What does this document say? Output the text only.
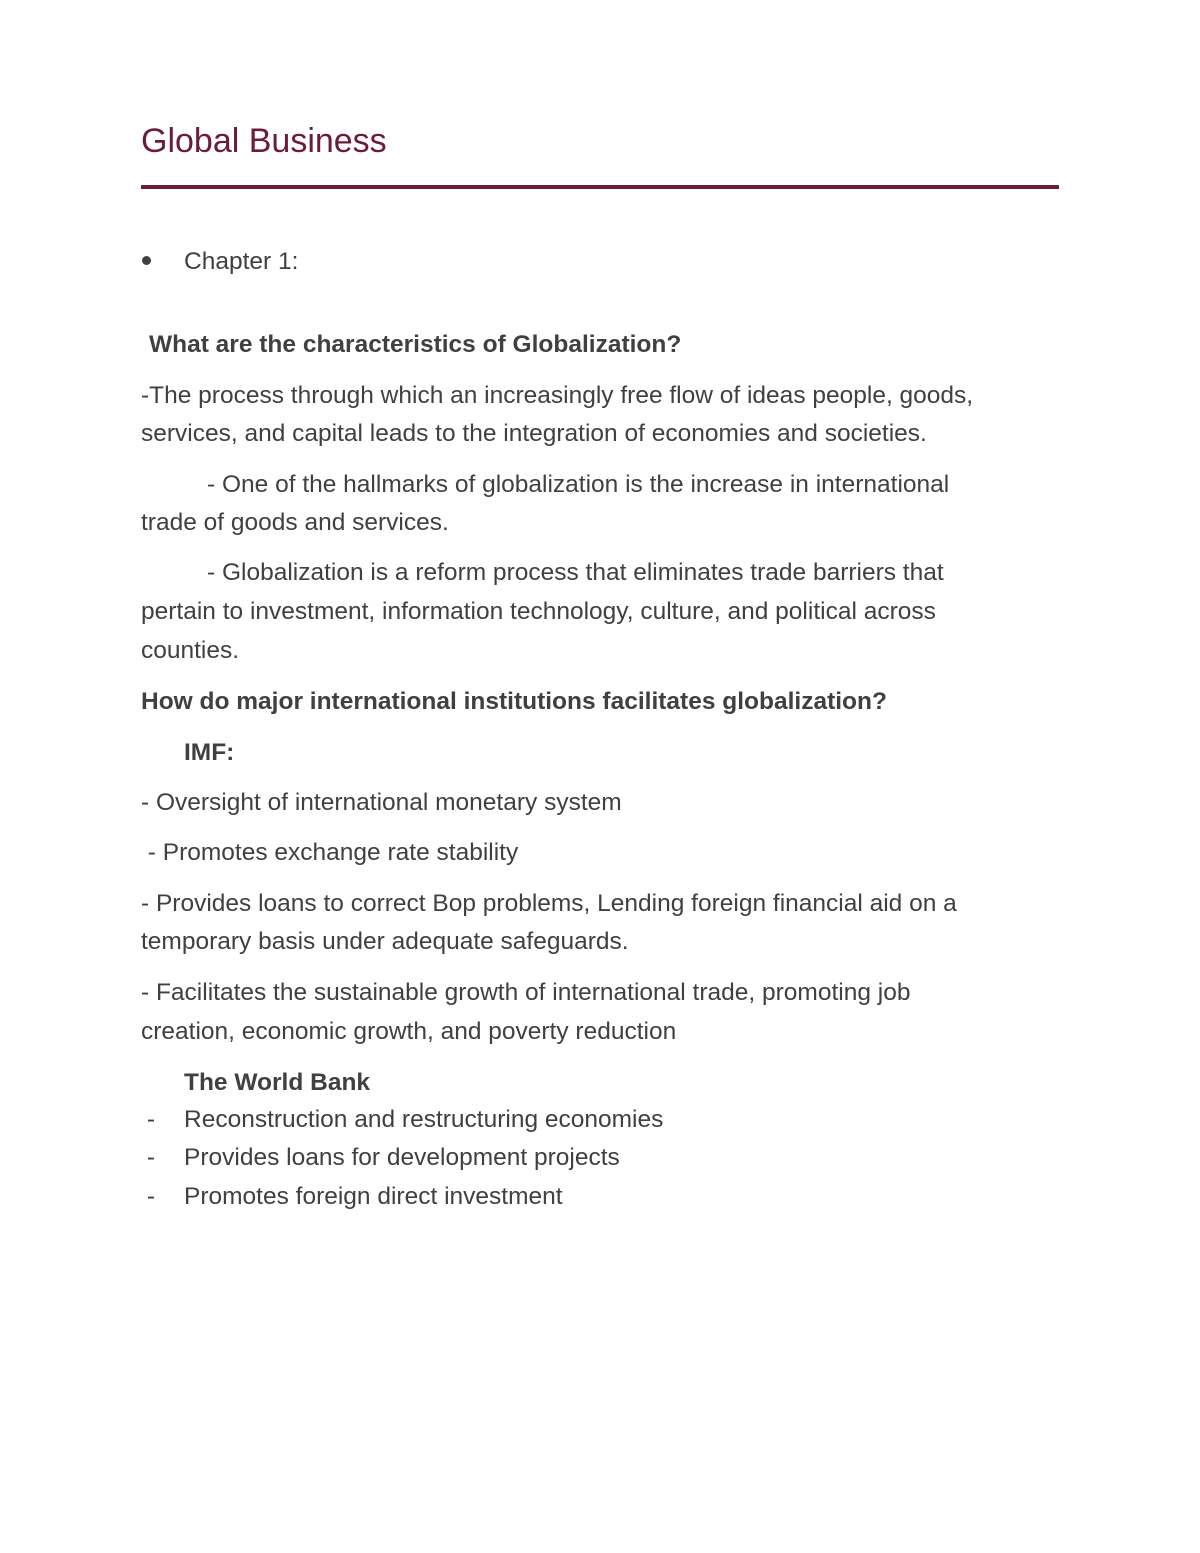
Global Business

Chapter 1:

What are the characteristics of Globalization?

-The process through which an increasingly free flow of ideas people, goods,

services, and capital leads to the integration of economies and societies.

- One of the hallmarks of globalization is the increase in international

trade of goods and services.

- Globalization is a reform process that eliminates trade barriers that

pertain to investment, information technology, culture, and political across

counties.

How do major international institutions facilitates globalization?

IMF:

- Oversight of international monetary system

- Promotes exchange rate stability

- Provides loans to correct Bop problems, Lending foreign financial aid on a

temporary basis under adequate safeguards.

- Facilitates the sustainable growth of international trade, promoting job

creation, economic growth, and poverty reduction

The World Bank

- Reconstruction and restructuring economies
- Provides loans for development projects
- Promotes foreign direct investment
